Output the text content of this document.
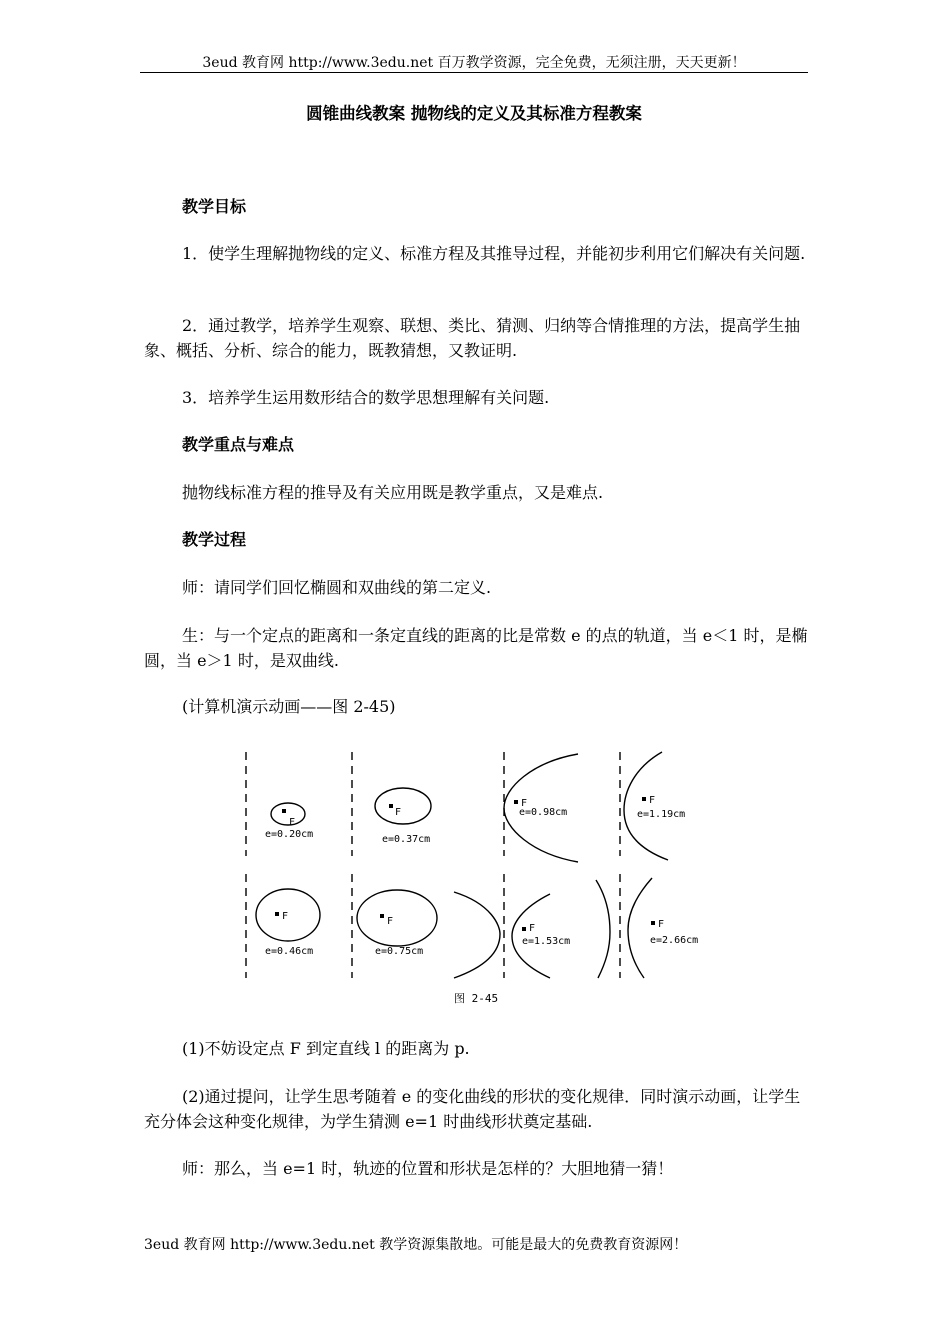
3eud 教育网 http://www.3edu.net 百万教学资源，完全免费，无须注册，天天更新！
圆锥曲线教案 抛物线的定义及其标准方程教案
教学目标
1．使学生理解抛物线的定义、标准方程及其推导过程，并能初步利用它们解决有关问题.
2．通过教学，培养学生观察、联想、类比、猜测、归纳等合情推理的方法，提高学生抽象、概括、分析、综合的能力，既教猜想，又教证明.
3．培养学生运用数形结合的数学思想理解有关问题.
教学重点与难点
抛物线标准方程的推导及有关应用既是教学重点，又是难点.
教学过程
师：请同学们回忆椭圆和双曲线的第二定义.
生：与一个定点的距离和一条定直线的距离的比是常数 e 的点的轨道，当 e＜1 时，是椭圆，当 e＞1 时，是双曲线.
(计算机演示动画——图 2-45)
F
F
F	F
F	F
F	F
e=0.20cm	e=0.37cm
e=0.98cm	e=1.19cm
e=0.46cm	e=0.75cm
e=1.53cm	e=2.66cm
图 2-45
(1)不妨设定点 F 到定直线 l 的距离为 p.
(2)通过提问，让学生思考随着 e 的变化曲线的形状的变化规律．同时演示动画，让学生充分体会这种变化规律，为学生猜测 e=1 时曲线形状奠定基础.
师：那么，当 e=1 时，轨迹的位置和形状是怎样的？大胆地猜一猜！
3eud 教育网 http://www.3edu.net 教学资源集散地。可能是最大的免费教育资源网！
